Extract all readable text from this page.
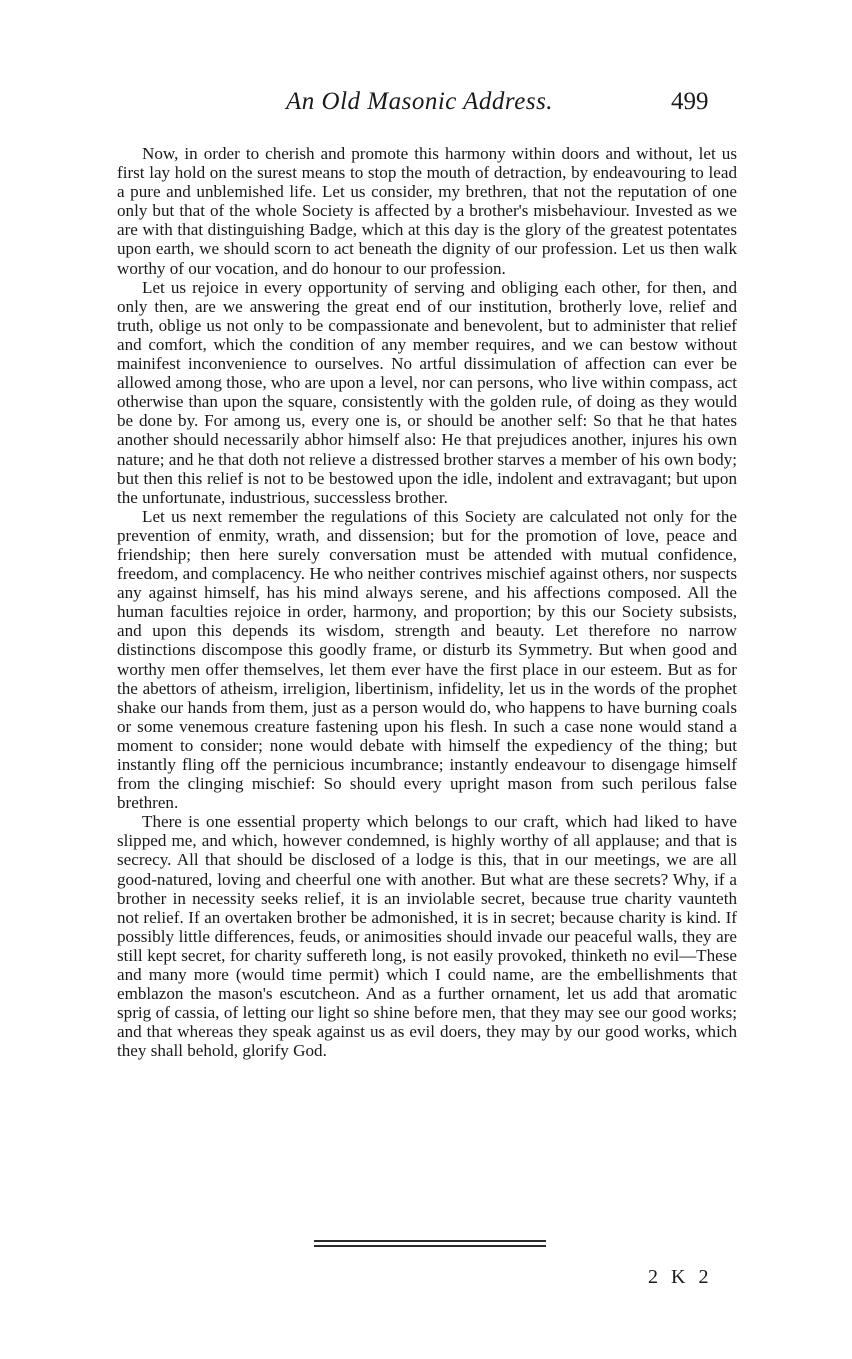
An Old Masonic Address.	499

Now, in order to cherish and promote this harmony within doors and without, let us first lay hold on the surest means to stop the mouth of detraction, by endeavouring to lead a pure and unblemished life. Let us consider, my brethren, that not the reputation of one only but that of the whole Society is affected by a brother's misbehaviour. Invested as we are with that distinguishing Badge, which at this day is the glory of the greatest potentates upon earth, we should scorn to act beneath the dignity of our profession. Let us then walk worthy of our vocation, and do honour to our profession.

Let us rejoice in every opportunity of serving and obliging each other, for then, and only then, are we answering the great end of our institution, brotherly love, relief and truth, oblige us not only to be compassionate and benevolent, but to administer that relief and comfort, which the condition of any member requires, and we can bestow without mainifest inconvenience to ourselves. No artful dissimulation of affection can ever be allowed among those, who are upon a level, nor can persons, who live within compass, act otherwise than upon the square, consistently with the golden rule, of doing as they would be done by. For among us, every one is, or should be another self: So that he that hates another should necessarily abhor himself also: He that prejudices another, injures his own nature; and he that doth not relieve a distressed brother starves a member of his own body; but then this relief is not to be bestowed upon the idle, indolent and extravagant; but upon the unfortunate, industrious, successless brother.

Let us next remember the regulations of this Society are calculated not only for the prevention of enmity, wrath, and dissension; but for the promotion of love, peace and friendship; then here surely conversation must be attended with mutual confidence, freedom, and complacency. He who neither contrives mischief against others, nor suspects any against himself, has his mind always serene, and his affections composed. All the human faculties rejoice in order, harmony, and proportion; by this our Society subsists, and upon this depends its wisdom, strength and beauty. Let therefore no narrow distinctions discompose this goodly frame, or disturb its Symmetry. But when good and worthy men offer themselves, let them ever have the first place in our esteem. But as for the abettors of atheism, irreligion, libertinism, infidelity, let us in the words of the prophet shake our hands from them, just as a person would do, who happens to have burning coals or some venemous creature fastening upon his flesh. In such a case none would stand a moment to consider; none would debate with himself the expediency of the thing; but instantly fling off the pernicious incumbrance; instantly endeavour to disengage himself from the clinging mischief: So should every upright mason from such perilous false brethren.

There is one essential property which belongs to our craft, which had liked to have slipped me, and which, however condemned, is highly worthy of all applause; and that is secrecy. All that should be disclosed of a lodge is this, that in our meetings, we are all good-natured, loving and cheerful one with another. But what are these secrets? Why, if a brother in necessity seeks relief, it is an inviolable secret, because true charity vaunteth not relief. If an overtaken brother be admonished, it is in secret; because charity is kind. If possibly little differences, feuds, or animosities should invade our peaceful walls, they are still kept secret, for charity suffereth long, is not easily provoked, thinketh no evil—These and many more (would time permit) which I could name, are the embellishments that emblazon the mason's escutcheon. And as a further ornament, let us add that aromatic sprig of cassia, of letting our light so shine before men, that they may see our good works; and that whereas they speak against us as evil doers, they may by our good works, which they shall behold, glorify God.

2 K 2
